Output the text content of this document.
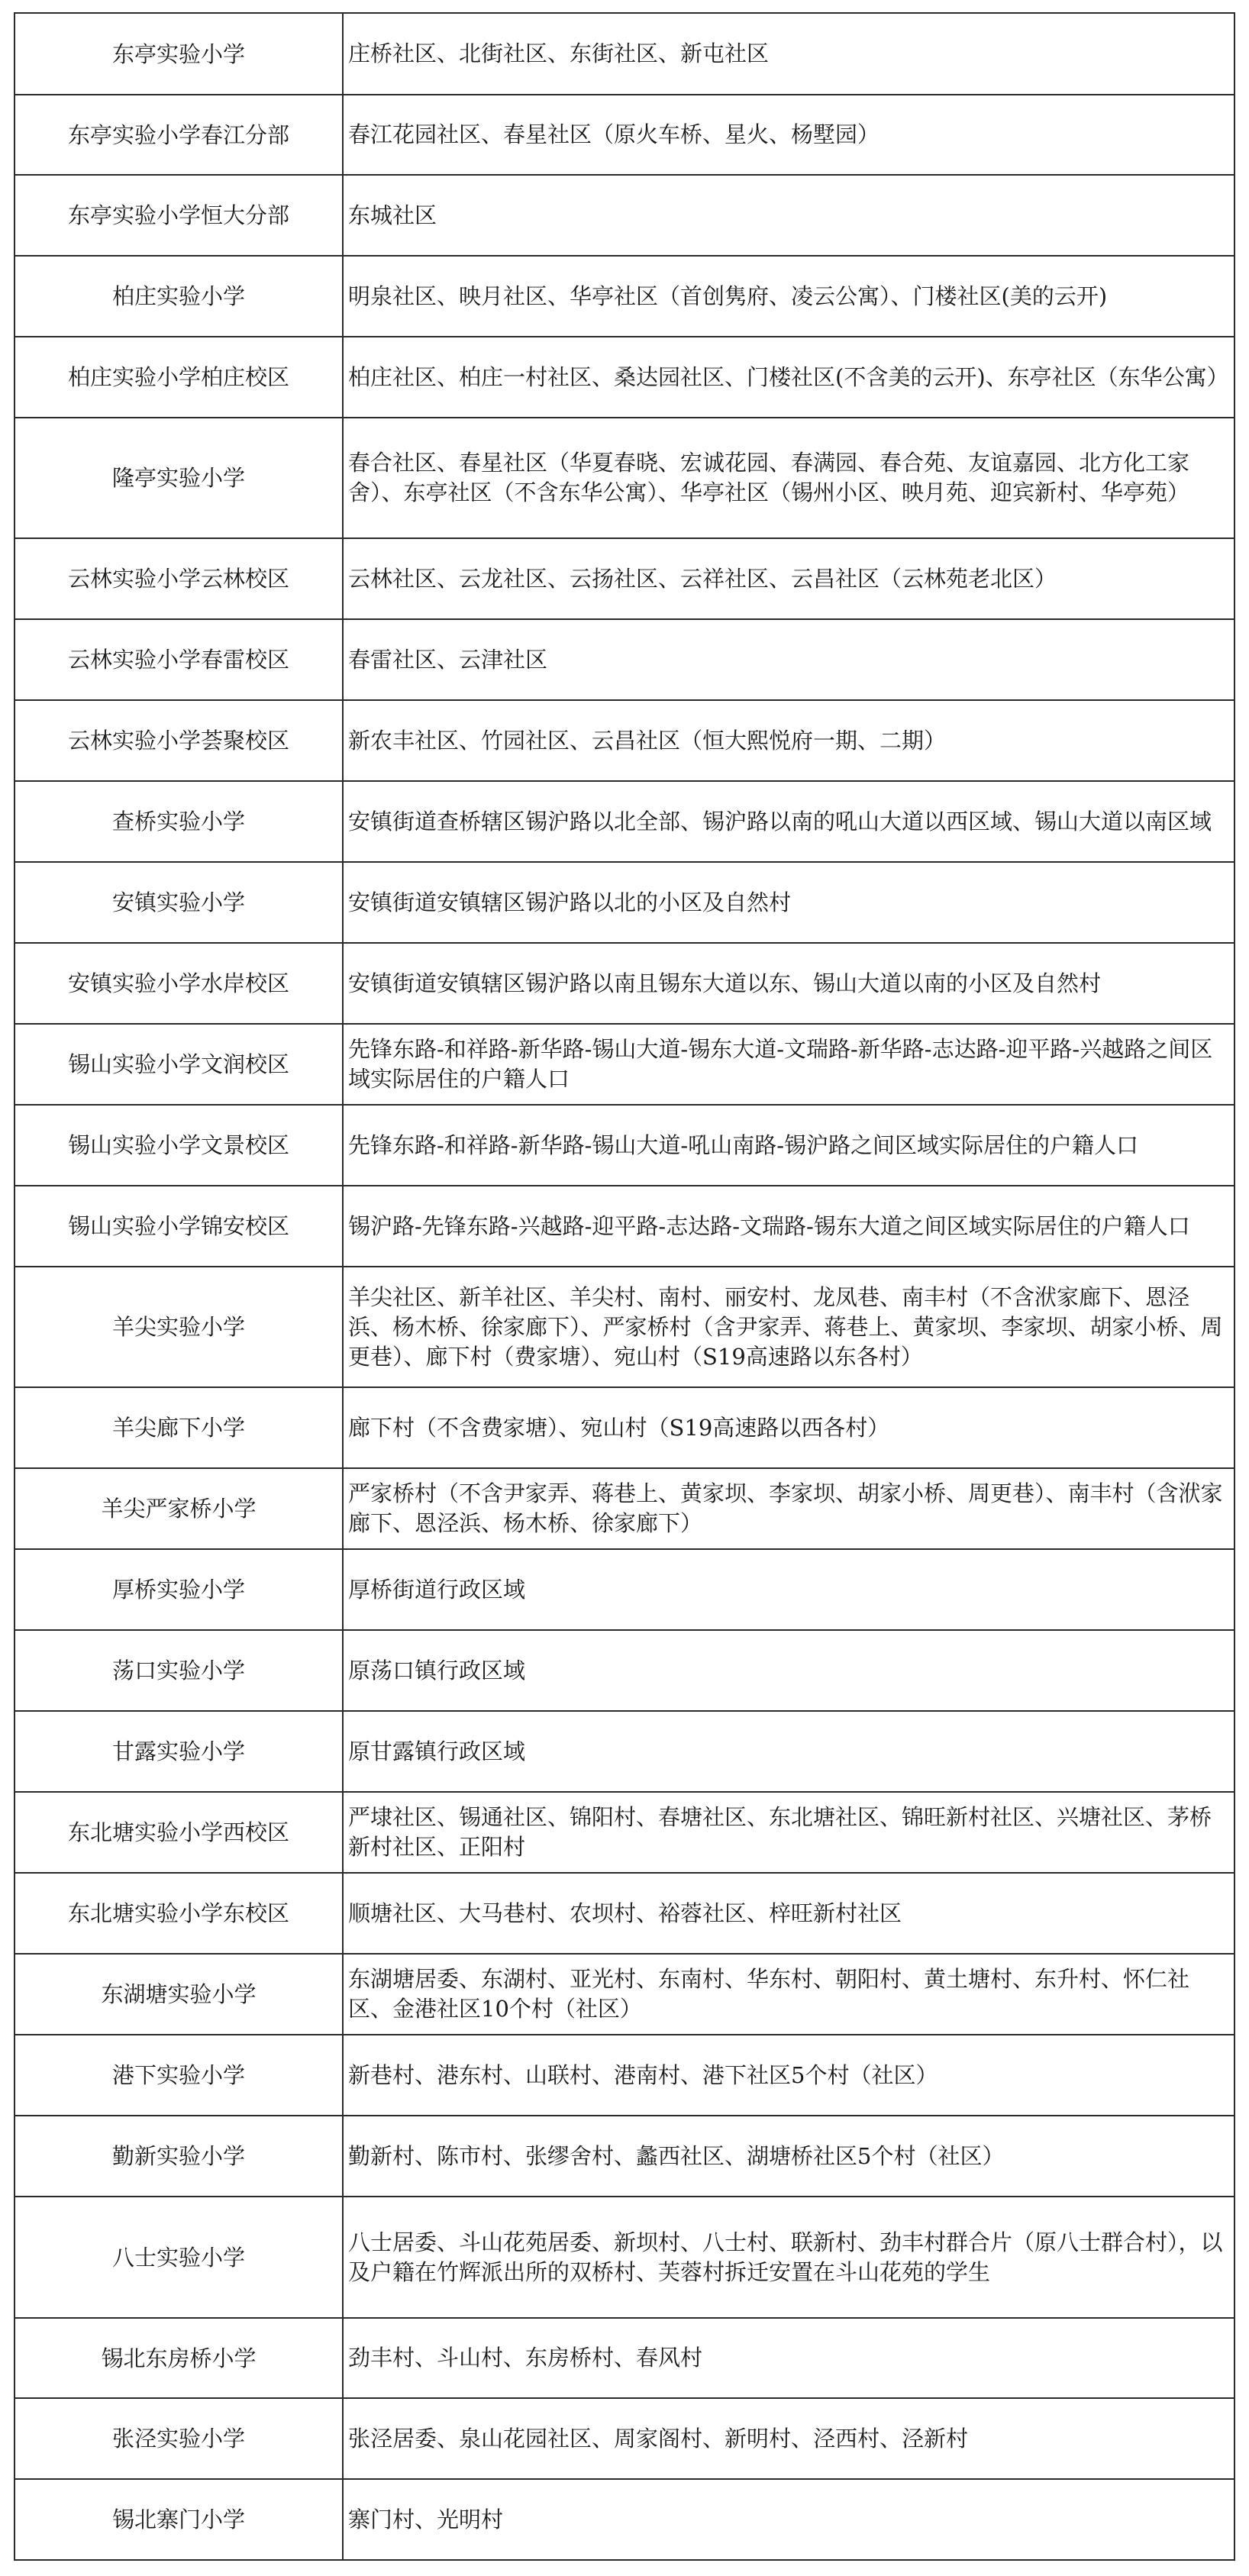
东亭实验小学	庄桥社区、北街社区、东街社区、新屯社区
东亭实验小学春江分部	春江花园社区、春星社区（原火车桥、星火、杨墅园）
东亭实验小学恒大分部	东城社区
柏庄实验小学	明泉社区、映月社区、华亭社区（首创隽府、凌云公寓）、门楼社区(美的云开)
柏庄实验小学柏庄校区	柏庄社区、柏庄一村社区、桑达园社区、门楼社区(不含美的云开)、东亭社区（东华公寓）
隆亭实验小学	春合社区、春星社区（华夏春晓、宏诚花园、春满园、春合苑、友谊嘉园、北方化工家舍）、东亭社区（不含东华公寓）、华亭社区（锡州小区、映月苑、迎宾新村、华亭苑）
云林实验小学云林校区	云林社区、云龙社区、云扬社区、云祥社区、云昌社区（云林苑老北区）
云林实验小学春雷校区	春雷社区、云津社区
云林实验小学荟聚校区	新农丰社区、竹园社区、云昌社区（恒大熙悦府一期、二期）
查桥实验小学	安镇街道查桥辖区锡沪路以北全部、锡沪路以南的吼山大道以西区域、锡山大道以南区域
安镇实验小学	安镇街道安镇辖区锡沪路以北的小区及自然村
安镇实验小学水岸校区	安镇街道安镇辖区锡沪路以南且锡东大道以东、锡山大道以南的小区及自然村
锡山实验小学文润校区	先锋东路-和祥路-新华路-锡山大道-锡东大道-文瑞路-新华路-志达路-迎平路-兴越路之间区域实际居住的户籍人口
锡山实验小学文景校区	先锋东路-和祥路-新华路-锡山大道-吼山南路-锡沪路之间区域实际居住的户籍人口
锡山实验小学锦安校区	锡沪路-先锋东路-兴越路-迎平路-志达路-文瑞路-锡东大道之间区域实际居住的户籍人口
羊尖实验小学	羊尖社区、新羊社区、羊尖村、南村、丽安村、龙凤巷、南丰村（不含洑家廊下、恩泾浜、杨木桥、徐家廊下）、严家桥村（含尹家弄、蒋巷上、黄家坝、李家坝、胡家小桥、周更巷）、廊下村（费家塘）、宛山村（S19高速路以东各村）
羊尖廊下小学	廊下村（不含费家塘）、宛山村（S19高速路以西各村）
羊尖严家桥小学	严家桥村（不含尹家弄、蒋巷上、黄家坝、李家坝、胡家小桥、周更巷）、南丰村（含洑家廊下、恩泾浜、杨木桥、徐家廊下）
厚桥实验小学	厚桥街道行政区域
荡口实验小学	原荡口镇行政区域
甘露实验小学	原甘露镇行政区域
东北塘实验小学西校区	严埭社区、锡通社区、锦阳村、春塘社区、东北塘社区、锦旺新村社区、兴塘社区、茅桥新村社区、正阳村
东北塘实验小学东校区	顺塘社区、大马巷村、农坝村、裕蓉社区、梓旺新村社区
东湖塘实验小学	东湖塘居委、东湖村、亚光村、东南村、华东村、朝阳村、黄土塘村、东升村、怀仁社区、金港社区10个村（社区）
港下实验小学	新巷村、港东村、山联村、港南村、港下社区5个村（社区）
勤新实验小学	勤新村、陈市村、张缪舍村、蠡西社区、湖塘桥社区5个村（社区）
八士实验小学	八士居委、斗山花苑居委、新坝村、八士村、联新村、劲丰村群合片（原八士群合村），以及户籍在竹辉派出所的双桥村、芙蓉村拆迁安置在斗山花苑的学生
锡北东房桥小学	劲丰村、斗山村、东房桥村、春风村
张泾实验小学	张泾居委、泉山花园社区、周家阁村、新明村、泾西村、泾新村
锡北寨门小学	寨门村、光明村
